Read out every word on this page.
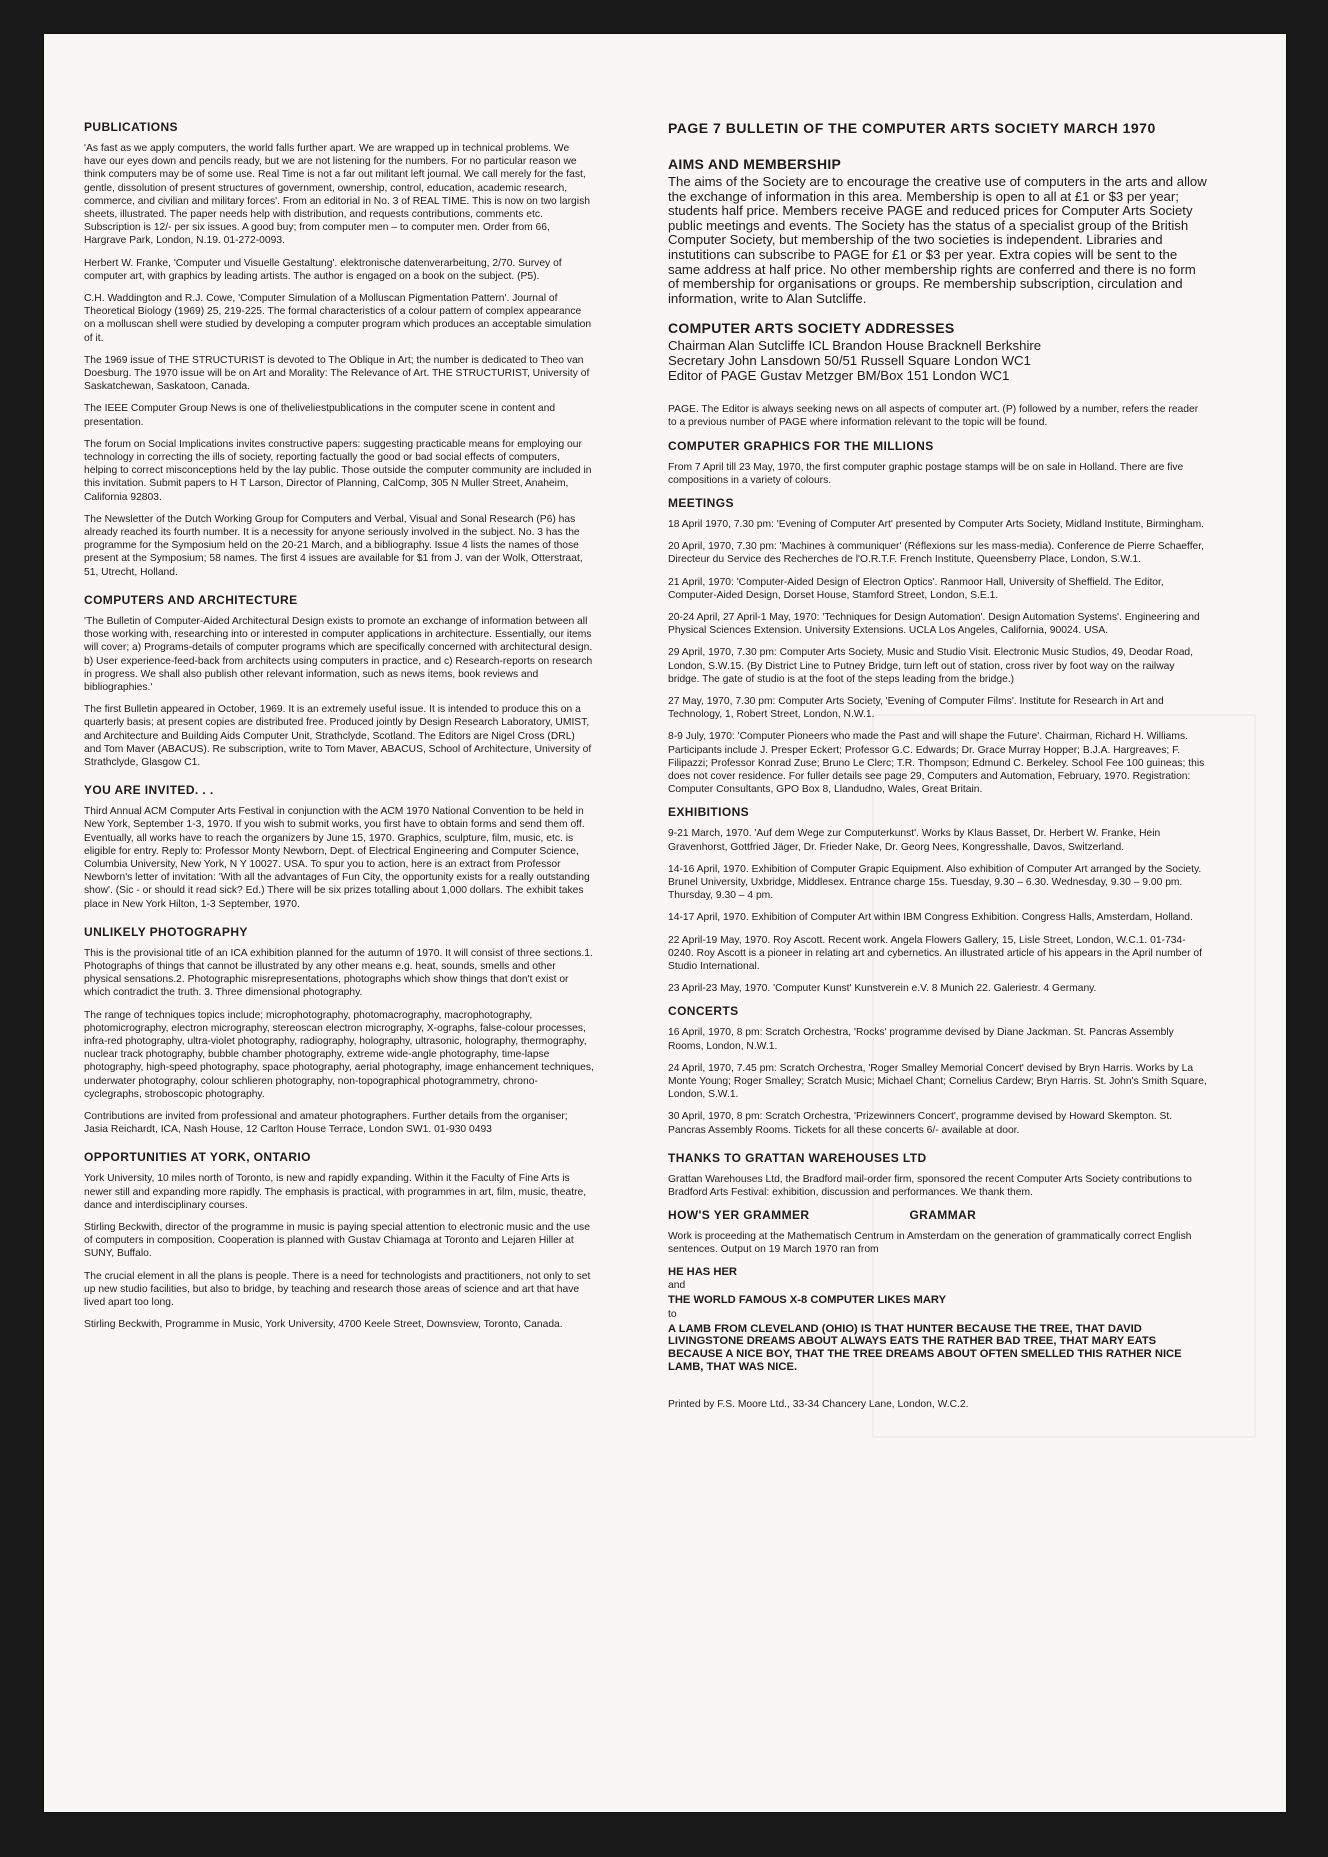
PUBLICATIONS

'As fast as we apply computers, the world falls further apart. We are wrapped up in technical problems. We have our eyes down and pencils ready, but we are not listening for the numbers. For no particular reason we think computers may be of some use. Real Time is not a far out militant left journal. We call merely for the fast, gentle, dissolution of present structures of government, ownership, control, education, academic research, commerce, and civilian and military forces'. From an editorial in No. 3 of REAL TIME. This is now on two largish sheets, illustrated. The paper needs help with distribution, and requests contributions, comments etc. Subscription is 12/- per six issues. A good buy; from computer men – to computer men. Order from 66, Hargrave Park, London, N.19. 01-272-0093.

Herbert W. Franke, 'Computer und Visuelle Gestaltung'. elektronische datenverarbeitung, 2/70. Survey of computer art, with graphics by leading artists. The author is engaged on a book on the subject. (P5).

C.H. Waddington and R.J. Cowe, 'Computer Simulation of a Molluscan Pigmentation Pattern'. Journal of Theoretical Biology (1969) 25, 219-225. The formal characteristics of a colour pattern of complex appearance on a molluscan shell were studied by developing a computer program which produces an acceptable simulation of it.

The 1969 issue of THE STRUCTURIST is devoted to The Oblique in Art; the number is dedicated to Theo van Doesburg. The 1970 issue will be on Art and Morality: The Relevance of Art. THE STRUCTURIST, University of Saskatchewan, Saskatoon, Canada.

The IEEE Computer Group News is one of theliveliestpublications in the computer scene in content and presentation.

The forum on Social Implications invites constructive papers: suggesting practicable means for employing our technology in correcting the ills of society, reporting factually the good or bad social effects of computers, helping to correct misconceptions held by the lay public. Those outside the computer community are included in this invitation. Submit papers to H T Larson, Director of Planning, CalComp, 305 N Muller Street, Anaheim, California 92803.

The Newsletter of the Dutch Working Group for Computers and Verbal, Visual and Sonal Research (P6) has already reached its fourth number. It is a necessity for anyone seriously involved in the subject. No. 3 has the programme for the Symposium held on the 20-21 March, and a bibliography. Issue 4 lists the names of those present at the Symposium; 58 names. The first 4 issues are available for $1 from J. van der Wolk, Otterstraat, 51, Utrecht, Holland.

COMPUTERS AND ARCHITECTURE

'The Bulletin of Computer-Aided Architectural Design exists to promote an exchange of information between all those working with, researching into or interested in computer applications in architecture. Essentially, our items will cover; a) Programs-details of computer programs which are specifically concerned with architectural design. b) User experience-feed-back from architects using computers in practice, and c) Research-reports on research in progress. We shall also publish other relevant information, such as news items, book reviews and bibliographies.'

The first Bulletin appeared in October, 1969. It is an extremely useful issue. It is intended to produce this on a quarterly basis; at present copies are distributed free. Produced jointly by Design Research Laboratory, UMIST, and Architecture and Building Aids Computer Unit, Strathclyde, Scotland. The Editors are Nigel Cross (DRL) and Tom Maver (ABACUS). Re subscription, write to Tom Maver, ABACUS, School of Architecture, University of Strathclyde, Glasgow C1.

YOU ARE INVITED. . .

Third Annual ACM Computer Arts Festival in conjunction with the ACM 1970 National Convention to be held in New York, September 1-3, 1970. If you wish to submit works, you first have to obtain forms and send them off. Eventually, all works have to reach the organizers by June 15, 1970. Graphics, sculpture, film, music, etc. is eligible for entry. Reply to: Professor Monty Newborn, Dept. of Electrical Engineering and Computer Science, Columbia University, New York, N Y 10027. USA. To spur you to action, here is an extract from Professor Newborn's letter of invitation: 'With all the advantages of Fun City, the opportunity exists for a really outstanding show'. (Sic - or should it read sick? Ed.) There will be six prizes totalling about 1,000 dollars. The exhibit takes place in New York Hilton, 1-3 September, 1970.

UNLIKELY PHOTOGRAPHY

This is the provisional title of an ICA exhibition planned for the autumn of 1970. It will consist of three sections.1. Photographs of things that cannot be illustrated by any other means e.g. heat, sounds, smells and other physical sensations.2. Photographic misrepresentations, photographs which show things that don't exist or which contradict the truth. 3. Three dimensional photography.

The range of techniques topics include; microphotography, photomacrography, macrophotography, photomicrography, electron micrography, stereoscan electron micrography, X-ographs, false-colour processes, infra-red photography, ultra-violet photography, radiography, holography, ultrasonic, holography, thermography, nuclear track photography, bubble chamber photography, extreme wide-angle photography, time-lapse photography, high-speed photography, space photography, aerial photography, image enhancement techniques, underwater photography, colour schlieren photography, non-topographical photogrammetry, chrono-cyclegraphs, stroboscopic photography.

Contributions are invited from professional and amateur photographers. Further details from the organiser; Jasia Reichardt, ICA, Nash House, 12 Carlton House Terrace, London SW1. 01-930 0493

OPPORTUNITIES AT YORK, ONTARIO

York University, 10 miles north of Toronto, is new and rapidly expanding. Within it the Faculty of Fine Arts is newer still and expanding more rapidly. The emphasis is practical, with programmes in art, film, music, theatre, dance and interdisciplinary courses.

Stirling Beckwith, director of the programme in music is paying special attention to electronic music and the use of computers in composition. Cooperation is planned with Gustav Chiamaga at Toronto and Lejaren Hiller at SUNY, Buffalo.

The crucial element in all the plans is people. There is a need for technologists and practitioners, not only to set up new studio facilities, but also to bridge, by teaching and research those areas of science and art that have lived apart too long.

Stirling Beckwith, Programme in Music, York University, 4700 Keele Street, Downsview, Toronto, Canada.

PAGE 7 BULLETIN OF THE COMPUTER ARTS SOCIETY MARCH 1970
AIMS AND MEMBERSHIP

The aims of the Society are to encourage the creative use of computers in the arts and allow the exchange of information in this area. Membership is open to all at £1 or $3 per year; students half price. Members receive PAGE and reduced prices for Computer Arts Society public meetings and events. The Society has the status of a specialist group of the British Computer Society, but membership of the two societies is independent. Libraries and instutitions can subscribe to PAGE for £1 or $3 per year. Extra copies will be sent to the same address at half price. No other membership rights are conferred and there is no form of membership for organisations or groups. Re membership subscription, circulation and information, write to Alan Sutcliffe.

COMPUTER ARTS SOCIETY ADDRESSES
Chairman Alan Sutcliffe ICL Brandon House Bracknell Berkshire
Secretary John Lansdown 50/51 Russell Square London WC1
Editor of PAGE Gustav Metzger BM/Box 151 London WC1

PAGE. The Editor is always seeking news on all aspects of computer art. (P) followed by a number, refers the reader to a previous number of PAGE where information relevant to the topic will be found.

COMPUTER GRAPHICS FOR THE MILLIONS

From 7 April till 23 May, 1970, the first computer graphic postage stamps will be on sale in Holland. There are five compositions in a variety of colours.

MEETINGS

18 April 1970, 7.30 pm: 'Evening of Computer Art' presented by Computer Arts Society, Midland Institute, Birmingham.

20 April, 1970, 7.30 pm: 'Machines à communiquer' (Réflexions sur les mass-media). Conference de Pierre Schaeffer, Directeur du Service des Recherches de l'O.R.T.F. French Institute, Queensberry Place, London, S.W.1.

21 April, 1970: 'Computer-Aided Design of Electron Optics'. Ranmoor Hall, University of Sheffield. The Editor, Computer-Aided Design, Dorset House, Stamford Street, London, S.E.1.

20-24 April, 27 April-1 May, 1970: 'Techniques for Design Automation'. Design Automation Systems'. Engineering and Physical Sciences Extension. University Extensions. UCLA Los Angeles, California, 90024. USA.

29 April, 1970, 7.30 pm: Computer Arts Society, Music and Studio Visit. Electronic Music Studios, 49, Deodar Road, London, S.W.15. (By District Line to Putney Bridge, turn left out of station, cross river by foot way on the railway bridge. The gate of studio is at the foot of the steps leading from the bridge.)

27 May, 1970, 7.30 pm: Computer Arts Society, 'Evening of Computer Films'. Institute for Research in Art and Technology, 1, Robert Street, London, N.W.1.

8-9 July, 1970: 'Computer Pioneers who made the Past and will shape the Future'. Chairman, Richard H. Williams. Participants include J. Presper Eckert; Professor G.C. Edwards; Dr. Grace Murray Hopper; B.J.A. Hargreaves; F. Filipazzi; Professor Konrad Zuse; Bruno Le Clerc; T.R. Thompson; Edmund C. Berkeley. School Fee 100 guineas; this does not cover residence. For fuller details see page 29, Computers and Automation, February, 1970. Registration: Computer Consultants, GPO Box 8, Llandudno, Wales, Great Britain.

EXHIBITIONS

9-21 March, 1970. 'Auf dem Wege zur Computerkunst'. Works by Klaus Basset, Dr. Herbert W. Franke, Hein Gravenhorst, Gottfried Jäger, Dr. Frieder Nake, Dr. Georg Nees, Kongresshalle, Davos, Switzerland.

14-16 April, 1970. Exhibition of Computer Grapic Equipment. Also exhibition of Computer Art arranged by the Society. Brunel University, Uxbridge, Middlesex. Entrance charge 15s. Tuesday, 9.30 – 6.30. Wednesday, 9.30 – 9.00 pm. Thursday, 9.30 – 4 pm.

14-17 April, 1970. Exhibition of Computer Art within IBM Congress Exhibition. Congress Halls, Amsterdam, Holland.

22 April-19 May, 1970. Roy Ascott. Recent work. Angela Flowers Gallery, 15, Lisle Street, London, W.C.1. 01-734-0240. Roy Ascott is a pioneer in relating art and cybernetics. An illustrated article of his appears in the April number of Studio International.

23 April-23 May, 1970. 'Computer Kunst' Kunstverein e.V. 8 Munich 22. Galeriestr. 4 Germany.

CONCERTS

16 April, 1970, 8 pm: Scratch Orchestra, 'Rocks' programme devised by Diane Jackman. St. Pancras Assembly Rooms, London, N.W.1.

24 April, 1970, 7.45 pm: Scratch Orchestra, 'Roger Smalley Memorial Concert' devised by Bryn Harris. Works by La Monte Young; Roger Smalley; Scratch Music; Michael Chant; Cornelius Cardew; Bryn Harris. St. John's Smith Square, London, S.W.1.

30 April, 1970, 8 pm: Scratch Orchestra, 'Prizewinners Concert', programme devised by Howard Skempton. St. Pancras Assembly Rooms. Tickets for all these concerts 6/- available at door.

THANKS TO GRATTAN WAREHOUSES LTD

Grattan Warehouses Ltd, the Bradford mail-order firm, sponsored the recent Computer Arts Society contributions to Bradford Arts Festival: exhibition, discussion and performances. We thank them.

HOW'S YER GRAMMER	GRAMMAR

Work is proceeding at the Mathematisch Centrum in Amsterdam on the generation of grammatically correct English sentences. Output on 19 March 1970 ran from

HE HAS HER
and
THE WORLD FAMOUS X-8 COMPUTER LIKES MARY
to
A LAMB FROM CLEVELAND (OHIO) IS THAT HUNTER BECAUSE THE TREE, THAT DAVID LIVINGSTONE DREAMS ABOUT ALWAYS EATS THE RATHER BAD TREE, THAT MARY EATS BECAUSE A NICE BOY, THAT THE TREE DREAMS ABOUT OFTEN SMELLED THIS RATHER NICE LAMB, THAT WAS NICE.
Printed by F.S. Moore Ltd., 33-34 Chancery Lane, London, W.C.2.
